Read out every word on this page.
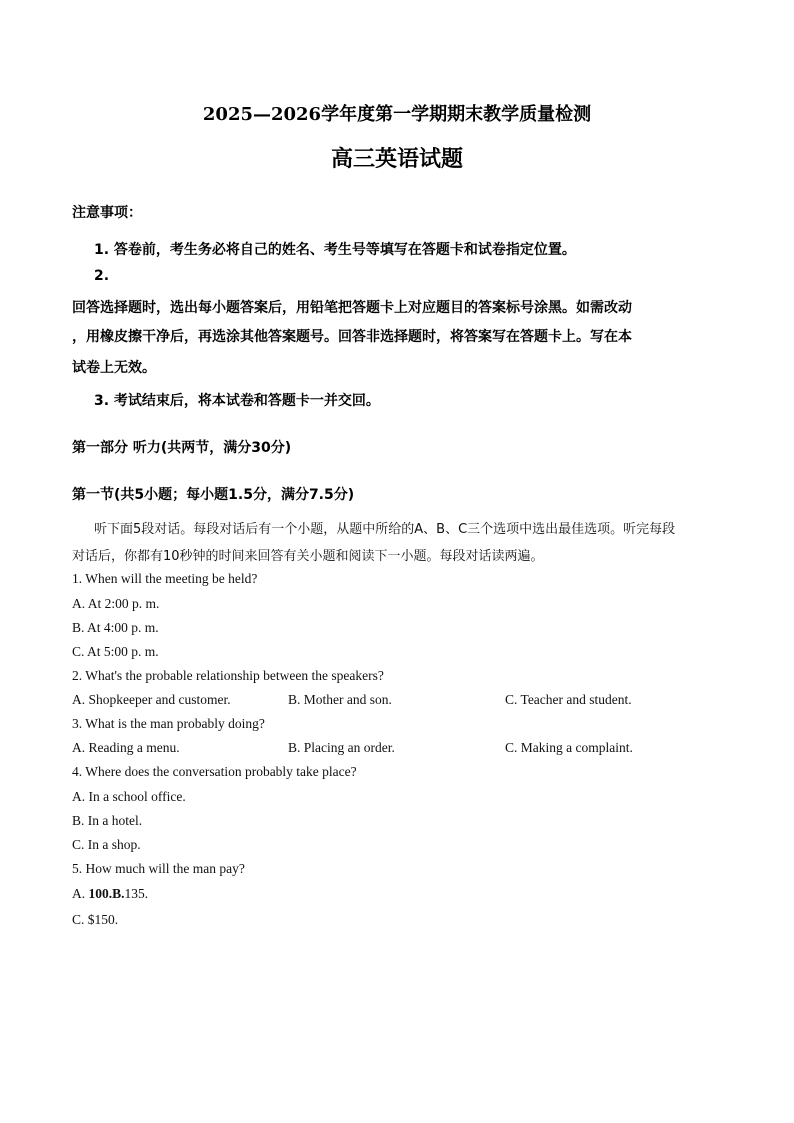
2025—2026学年度第一学期期末教学质量检测
高三英语试题
注意事项：
1. 答卷前，考生务必将自己的姓名、考生号等填写在答题卡和试卷指定位置。
2.
回答选择题时，选出每小题答案后，用铅笔把答题卡上对应题目的答案标号涂黑。如需改动
，用橡皮擦干净后，再选涂其他答案题号。回答非选择题时，将答案写在答题卡上。写在本
试卷上无效。
3. 考试结束后，将本试卷和答题卡一并交回。
第一部分 听力(共两节，满分30分)
第一节(共5小题；每小题1.5分，满分7.5分)
听下面5段对话。每段对话后有一个小题，从题中所给的A、B、C三个选项中选出最佳选项。听完每段
对话后，你都有10秒钟的时间来回答有关小题和阅读下一小题。每段对话读两遍。
1. When will the meeting be held?
A. At 2:00 p. m.
B. At 4:00 p. m.
C. At 5:00 p. m.
2. What's the probable relationship between the speakers?
A. Shopkeeper and customer.	B. Mother and son.	C. Teacher and student.
3. What is the man probably doing?
A. Reading a menu.	B. Placing an order.	C. Making a complaint.
4. Where does the conversation probably take place?
A. In a school office.
B. In a hotel.
C. In a shop.
5. How much will the man pay?
A. 100.B.135.
C. $150.
